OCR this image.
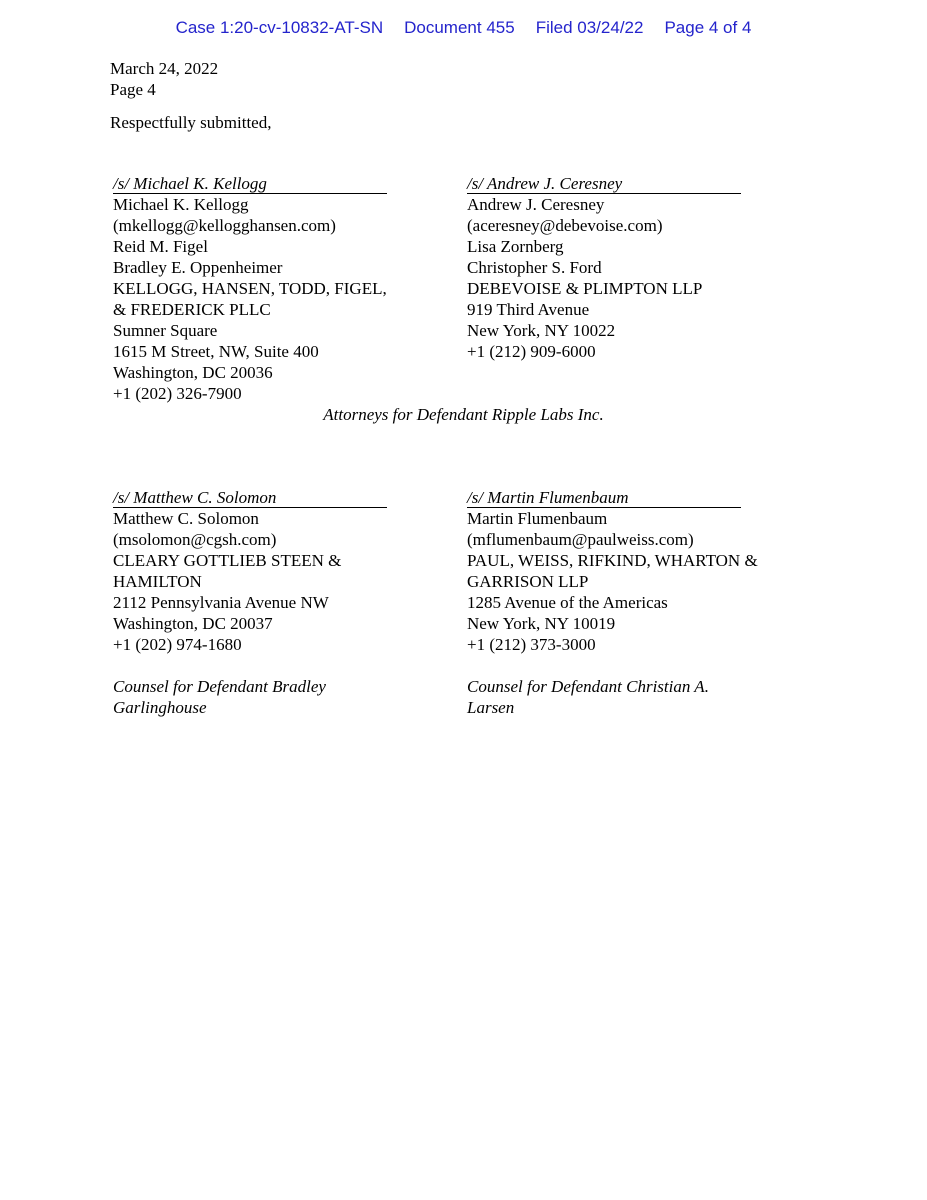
Case 1:20-cv-10832-AT-SN Document 455 Filed 03/24/22 Page 4 of 4
March 24, 2022
Page 4
Respectfully submitted,
/s/ Michael K. Kellogg
Michael K. Kellogg
(mkellogg@kellogghansen.com)
Reid M. Figel
Bradley E. Oppenheimer
KELLOGG, HANSEN, TODD, FIGEL,
& FREDERICK PLLC
Sumner Square
1615 M Street, NW, Suite 400
Washington, DC 20036
+1 (202) 326-7900
/s/ Andrew J. Ceresney
Andrew J. Ceresney
(aceresney@debevoise.com)
Lisa Zornberg
Christopher S. Ford
DEBEVOISE & PLIMPTON LLP
919 Third Avenue
New York, NY 10022
+1 (212) 909-6000
Attorneys for Defendant Ripple Labs Inc.
/s/ Matthew C. Solomon
Matthew C. Solomon
(msolomon@cgsh.com)
CLEARY GOTTLIEB STEEN &
HAMILTON
2112 Pennsylvania Avenue NW
Washington, DC 20037
+1 (202) 974-1680
Counsel for Defendant Bradley Garlinghouse
/s/ Martin Flumenbaum
Martin Flumenbaum
(mflumenbaum@paulweiss.com)
PAUL, WEISS, RIFKIND, WHARTON &
GARRISON LLP
1285 Avenue of the Americas
New York, NY 10019
+1 (212) 373-3000
Counsel for Defendant Christian A. Larsen
